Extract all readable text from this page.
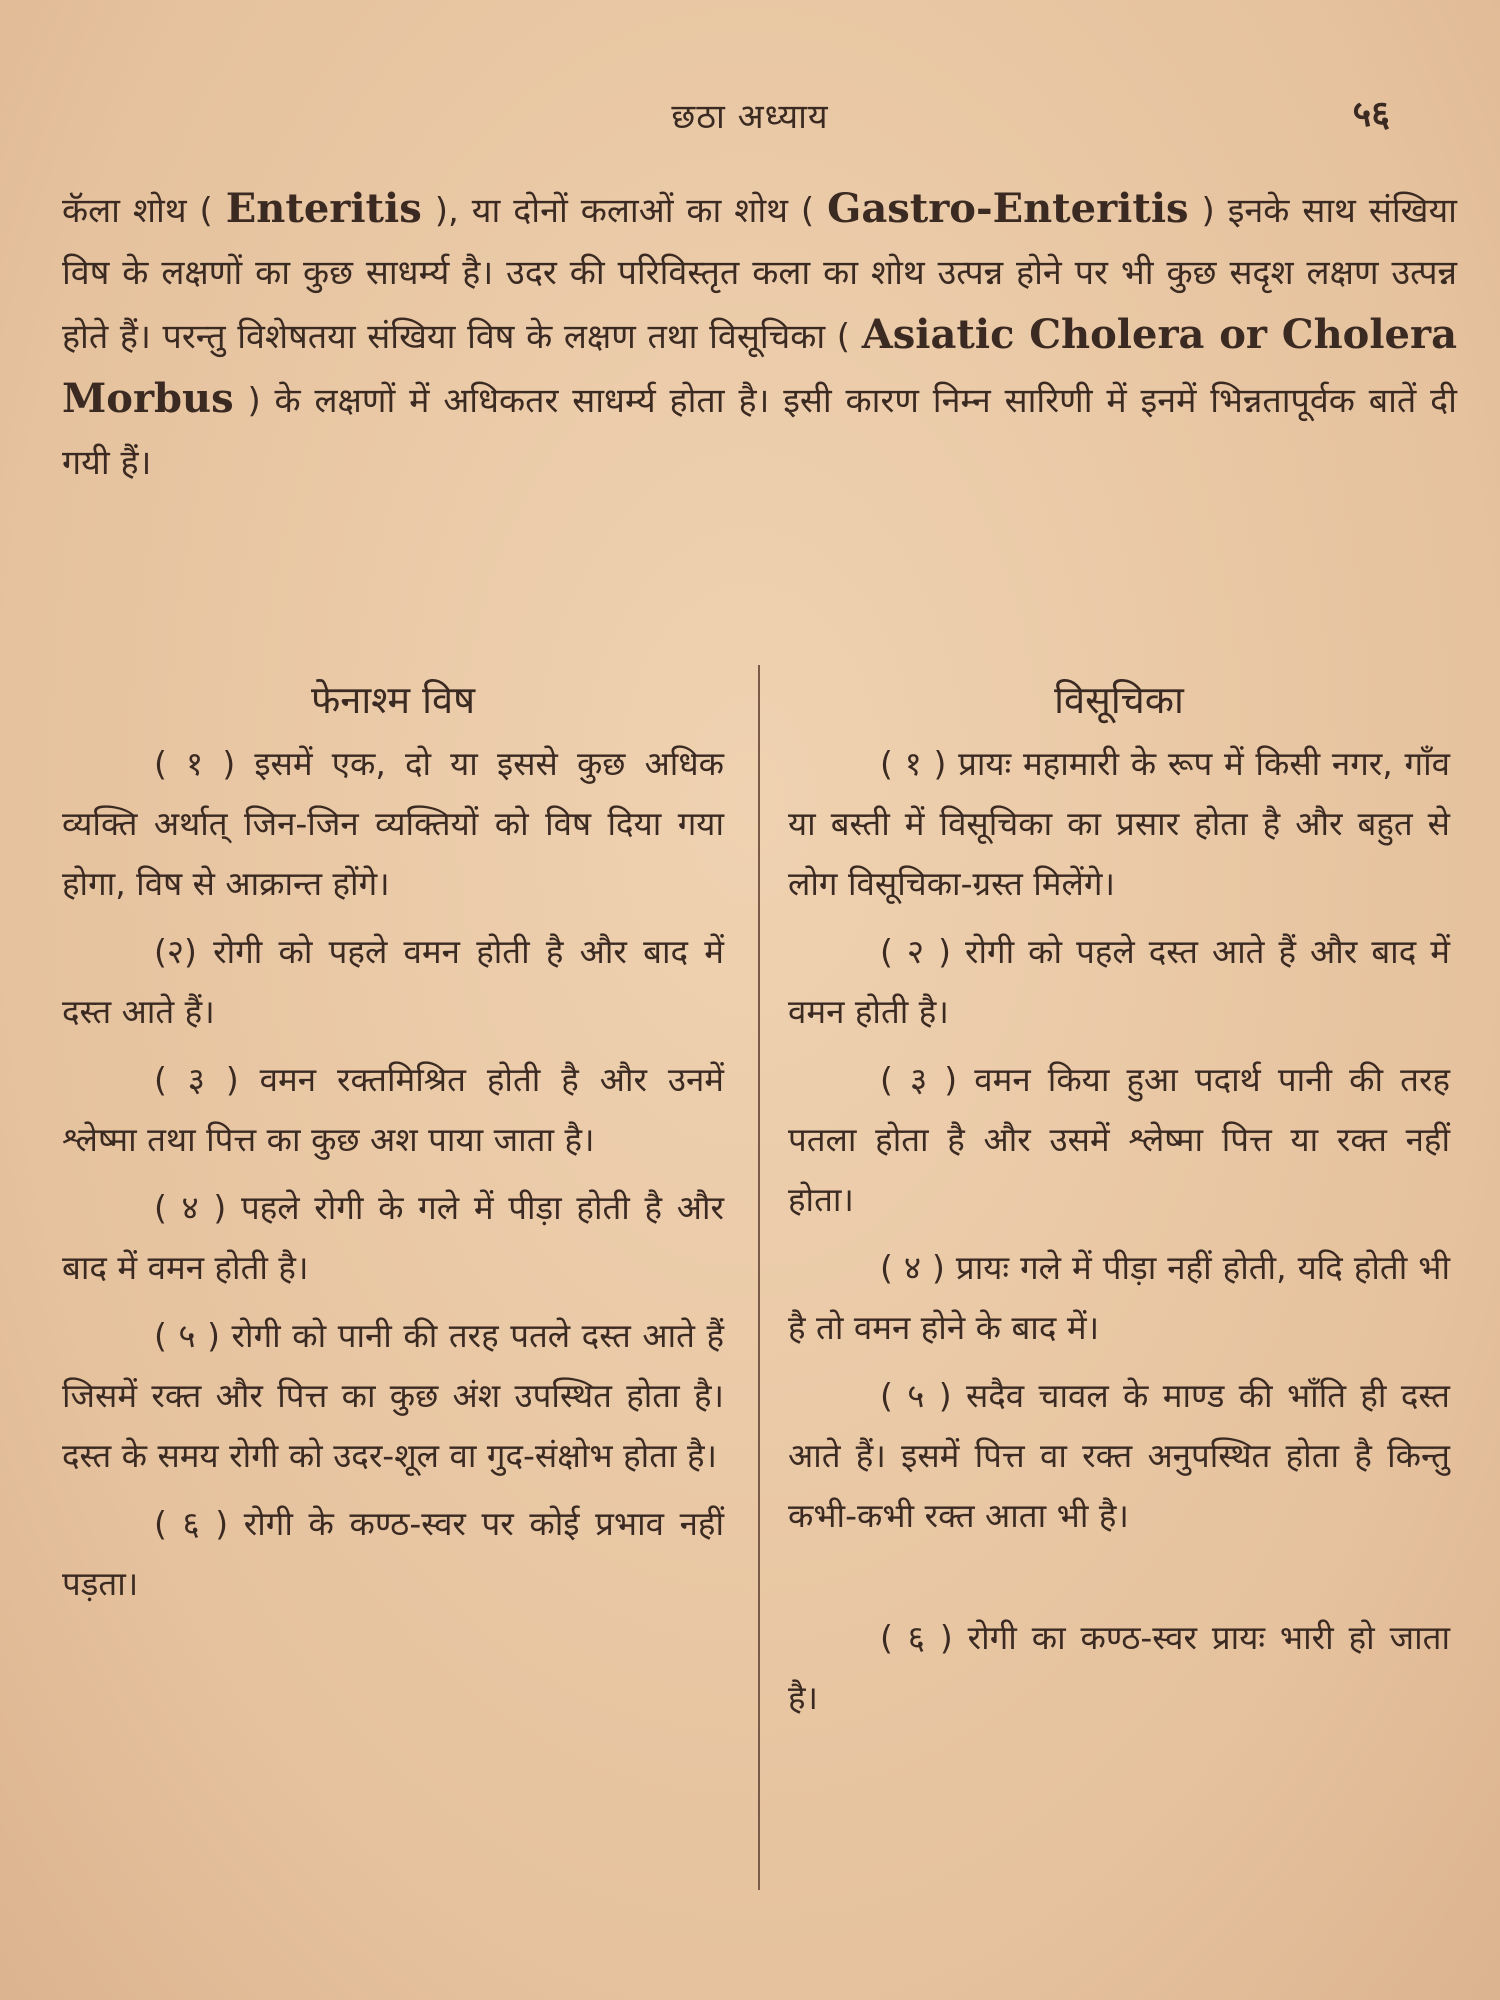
छठा अध्याय	५६
कॅला शोथ ( Enteritis ), या दोनों कलाओं का शोथ ( Gastro-Enteritis ) इनके साथ संखिया विष के लक्षणों का कुछ साधर्म्य है। उदर की परिविस्तृत कला का शोथ उत्पन्न होने पर भी कुछ सदृश लक्षण उत्पन्न होते हैं। परन्तु विशेषतया संखिया विष के लक्षण तथा विसूचिका ( Asiatic Cholera or Cholera Morbus ) के लक्षणों में अधिकतर साधर्म्य होता है। इसी कारण निम्न सारिणी में इनमें भिन्नतापूर्वक बातें दी गयी हैं।
फेनाश्म विष

( १ ) इसमें एक, दो या इससे कुछ अधिक व्यक्ति अर्थात् जिन-जिन व्यक्तियों को विष दिया गया होगा, विष से आक्रान्त होंगे।

(२) रोगी को पहले वमन होती है और बाद में दस्त आते हैं।

( ३ ) वमन रक्तमिश्रित होती है और उनमें श्लेष्मा तथा पित्त का कुछ अश पाया जाता है।

( ४ ) पहले रोगी के गले में पीड़ा होती है और बाद में वमन होती है।

( ५ ) रोगी को पानी की तरह पतले दस्त आते हैं जिसमें रक्त और पित्त का कुछ अंश उपस्थित होता है। दस्त के समय रोगी को उदर-शूल वा गुद-संक्षोभ होता है।

( ६ ) रोगी के कण्ठ-स्वर पर कोई प्रभाव नहीं पड़ता।

विसूचिका

( १ ) प्रायः महामारी के रूप में किसी नगर, गाँव या बस्ती में विसूचिका का प्रसार होता है और बहुत से लोग विसूचिका-ग्रस्त मिलेंगे।

( २ ) रोगी को पहले दस्त आते हैं और बाद में वमन होती है।

( ३ ) वमन किया हुआ पदार्थ पानी की तरह पतला होता है और उसमें श्लेष्मा पित्त या रक्त नहीं होता।

( ४ ) प्रायः गले में पीड़ा नहीं होती, यदि होती भी है तो वमन होने के बाद में।

( ५ ) सदैव चावल के माण्ड की भाँति ही दस्त आते हैं। इसमें पित्त वा रक्त अनुपस्थित होता है किन्तु कभी-कभी रक्त आता भी है।

( ६ ) रोगी का कण्ठ-स्वर प्रायः भारी हो जाता है।
